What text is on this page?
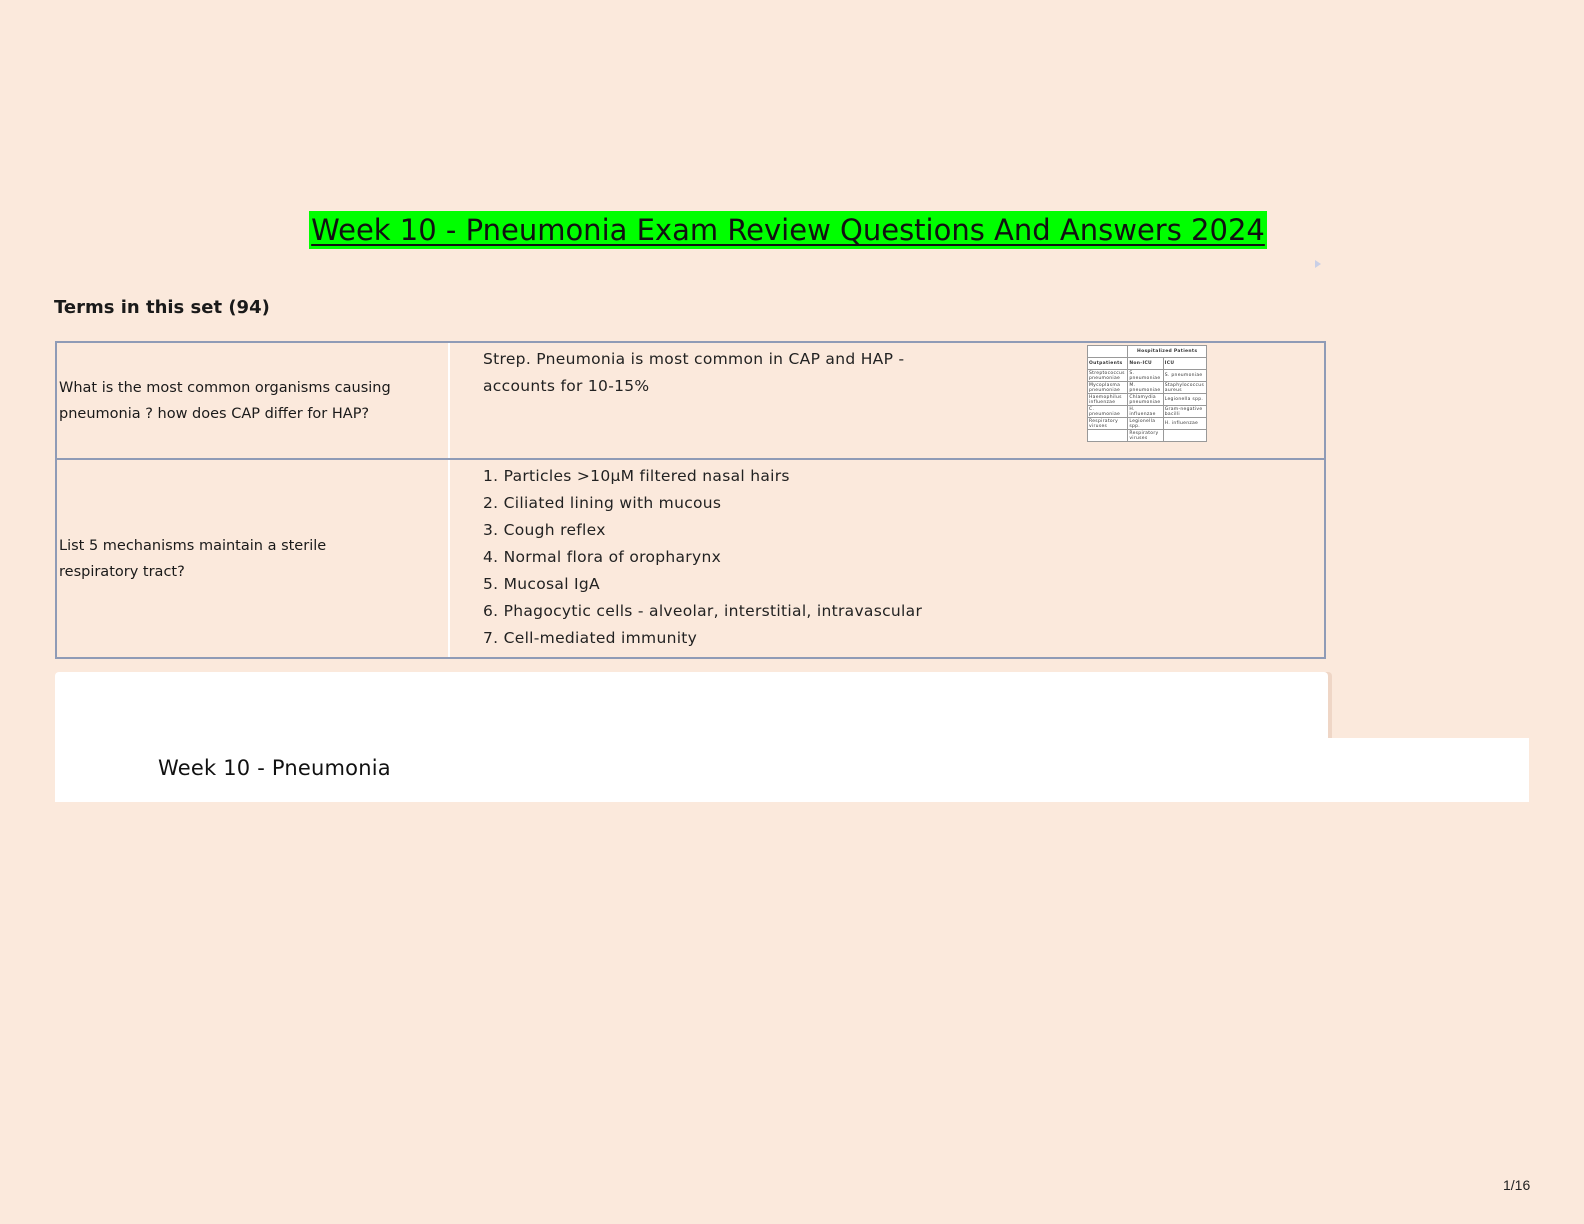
Week 10 - Pneumonia Exam Review Questions And Answers 2024
Terms in this set (94)
What is the most common organisms causing pneumonia ? how does CAP differ for HAP?

Strep. Pneumonia is most common in CAP and HAP - accounts for 10-15%

	Hospitalized Patients	
Outpatients	Non-ICU	ICU
Streptococcus pneumoniae	S. pneumoniae	S. pneumoniae
Mycoplasma pneumoniae	M. pneumoniae	Staphylococcus aureus
Haemophilus influenzae	Chlamydia pneumoniae	Legionella spp.
C. pneumoniae	H. influenzae	Gram-negative bacilli
Respiratory viruses	Legionella spp.	H. influenzae
	Respiratory viruses	
List 5 mechanisms maintain a sterile respiratory tract?

1. Particles >10μM filtered nasal hairs

2. Ciliated lining with mucous

3. Cough reflex

4. Normal flora of oropharynx

5. Mucosal IgA

6. Phagocytic cells - alveolar, interstitial, intravascular

7. Cell-mediated immunity

Week 10 - Pneumonia
1/16
